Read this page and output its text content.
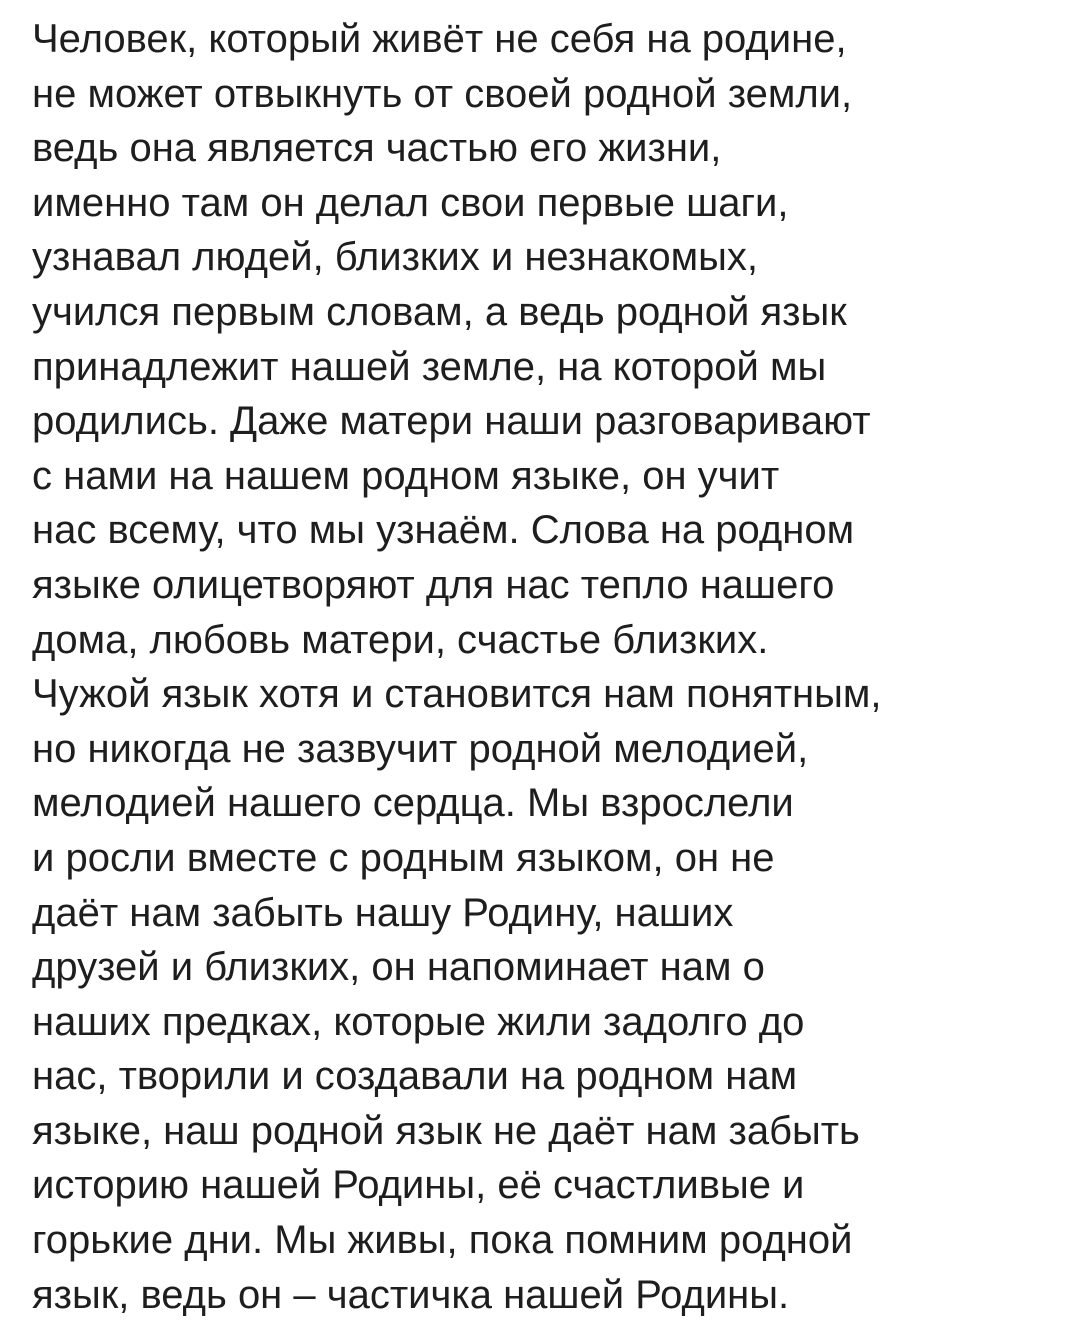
Человек, который живёт не себя на родине,
не может отвыкнуть от своей родной земли,
ведь она является частью его жизни,
именно там он делал свои первые шаги,
узнавал людей, близких и незнакомых,
учился первым словам, а ведь родной язык
принадлежит нашей земле, на которой мы
родились. Даже матери наши разговаривают
с нами на нашем родном языке, он учит
нас всему, что мы узнаём. Слова на родном
языке олицетворяют для нас тепло нашего
дома, любовь матери, счастье близких.
Чужой язык хотя и становится нам понятным,
но никогда не зазвучит родной мелодией,
мелодией нашего сердца. Мы взрослели
и росли вместе с родным языком, он не
даёт нам забыть нашу Родину, наших
друзей и близких, он напоминает нам о
наших предках, которые жили задолго до
нас, творили и создавали на родном нам
языке, наш родной язык не даёт нам забыть
историю нашей Родины, её счастливые и
горькие дни. Мы живы, пока помним родной
язык, ведь он – частичка нашей Родины.
